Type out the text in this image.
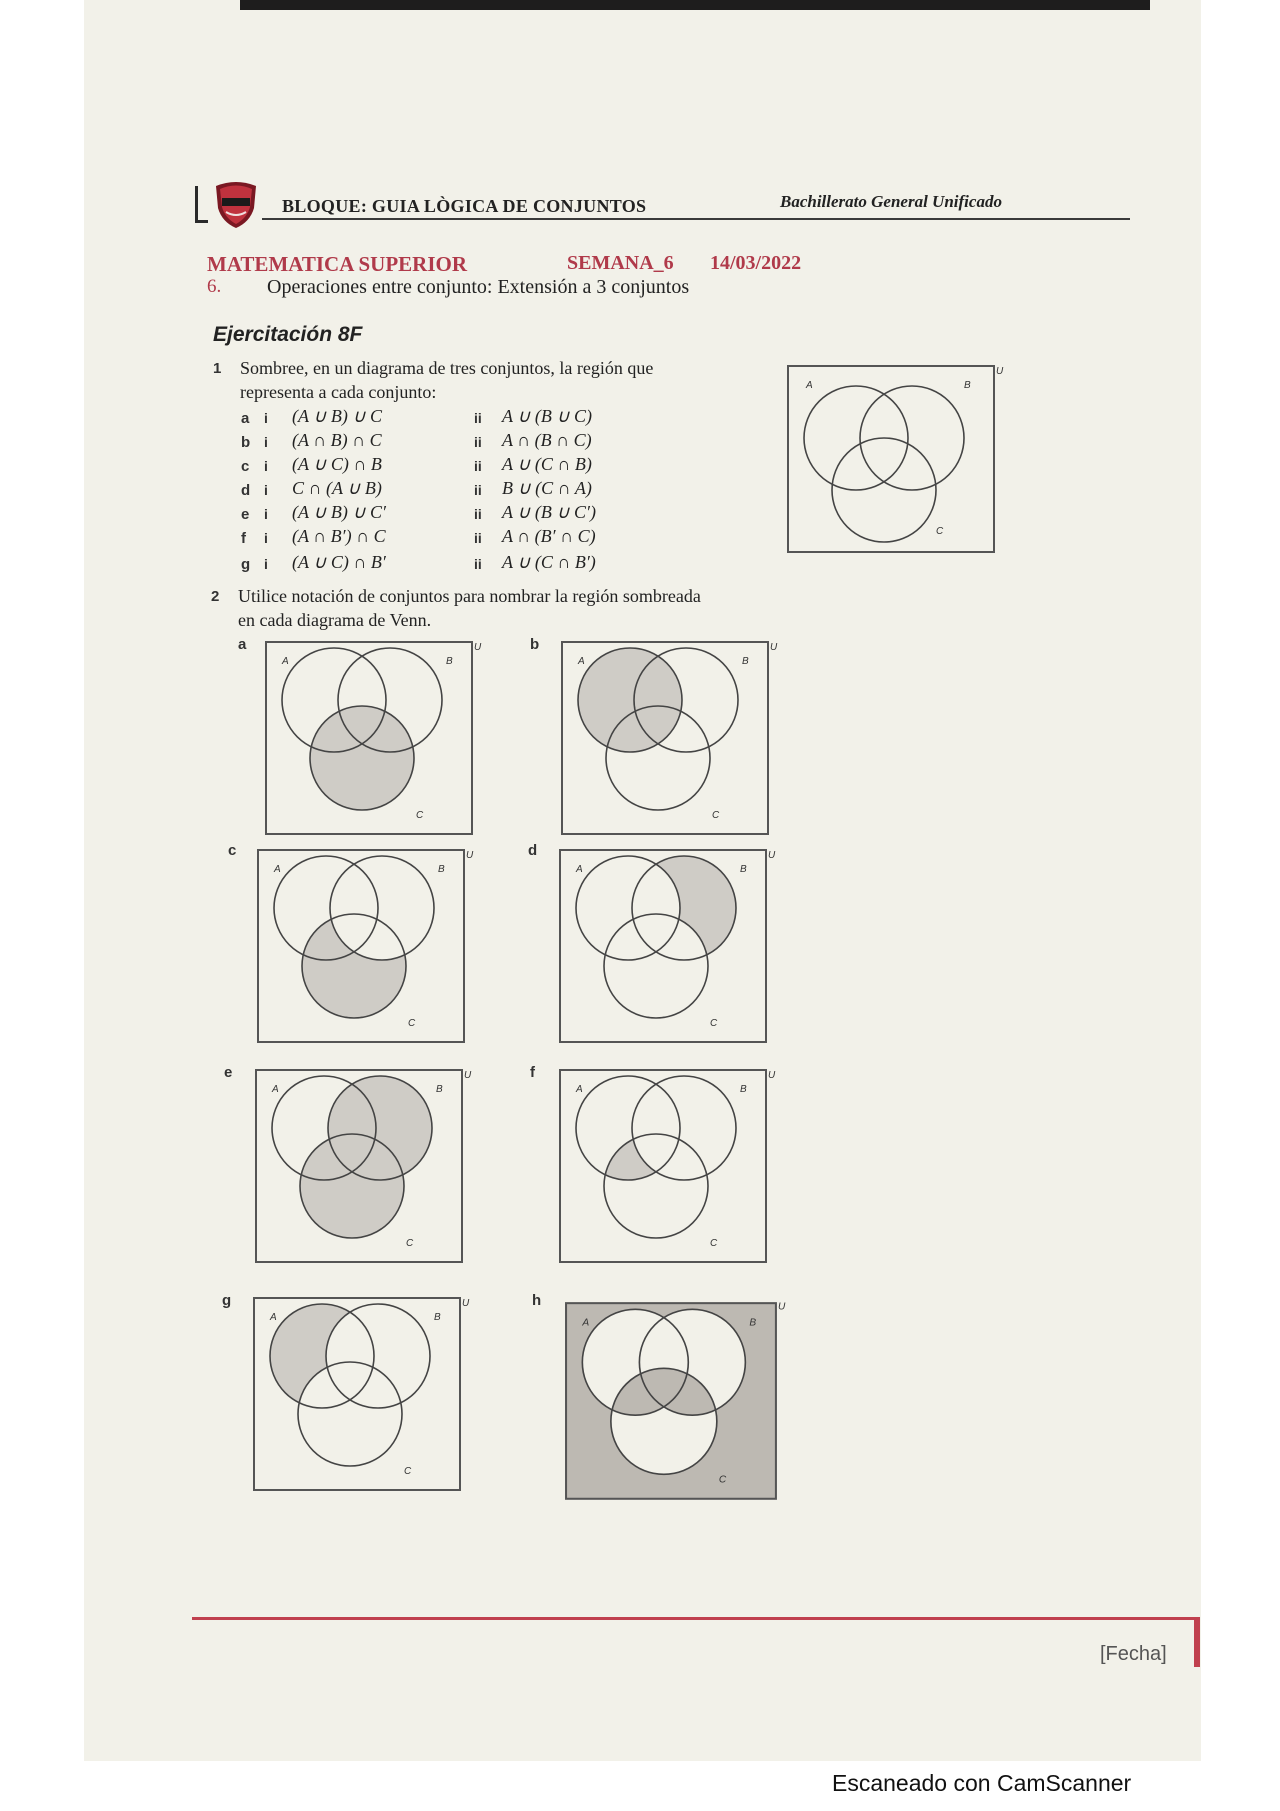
BLOQUE: GUIA LÒGICA DE CONJUNTOS	Bachillerato General Unificado
MATEMATICA SUPERIOR	SEMANA_6 14/03/2022
6. Operaciones entre conjunto: Extensión a 3 conjuntos
Ejercitación 8F
1 Sombree, en un diagrama de tres conjuntos, la región que
representa a cada conjunto:
a i (A ∪ B) ∪ C	ii A ∪ (B ∪ C)
b i (A ∩ B) ∩ C	ii A ∩ (B ∩ C)
c i (A ∪ C) ∩ B	ii A ∪ (C ∩ B)
d i C ∩ (A ∪ B)	ii B ∪ (C ∩ A)
e i (A ∪ B) ∪ C′	ii A ∪ (B ∪ C′)
f i (A ∩ B′) ∩ C	ii A ∩ (B′ ∩ C)
g i (A ∪ C) ∩ B′	ii A ∪ (C ∩ B′)
A	B
C
U
2 Utilice notación de conjuntos para nombrar la región sombreada
en cada diagrama de Venn.
a
A	B
C
U	b
A	B
C
U
c
A	B
C
U	d
A	B
C
U
e
A	B
C
U	f
A	B
C
U
g
A	B
C
U	h
A	B
C
U
[Fecha]
Escaneado con CamScanner
